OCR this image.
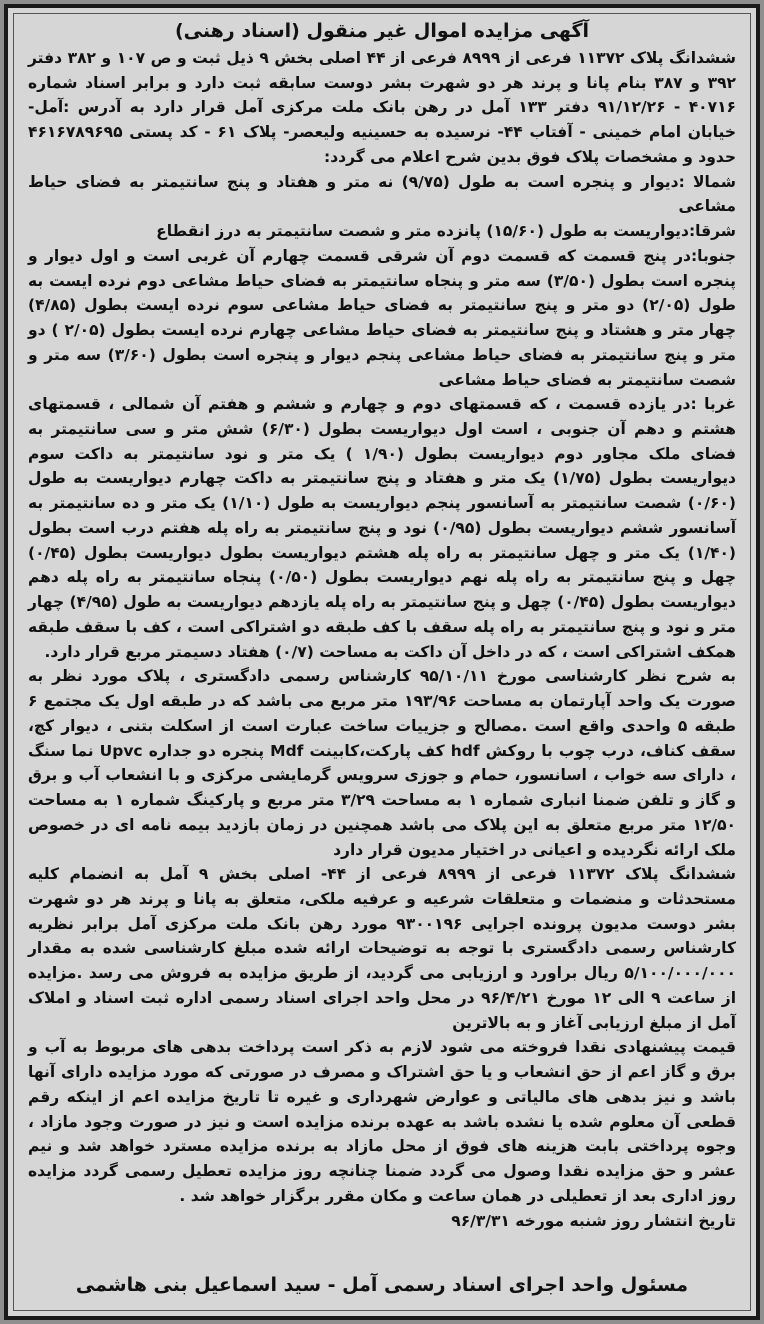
آگهی مزایده اموال غیر منقول (اسناد رهنی)

ششدانگ پلاک ۱۱۳۷۲ فرعی از ۸۹۹۹ فرعی از ۴۴ اصلی بخش ۹ ذیل ثبت و ص ۱۰۷ و ۳۸۲ دفتر ۳۹۲ و ۳۸۷ بنام پانا و پرند هر دو شهرت بشر دوست سابقه ثبت دارد و برابر اسناد شماره ۴۰۷۱۶ - ۹۱/۱۲/۲۶ دفتر ۱۳۳ آمل در رهن بانک ملت مرکزی آمل قرار دارد به آدرس :آمل- خیابان امام خمینی - آفتاب ۴۴- نرسیده به حسینیه ولیعصر- پلاک ۶۱ - کد پستی ۴۶۱۶۷۸۹۶۹۵ حدود و مشخصات پلاک فوق بدین شرح اعلام می گردد:

شمالا :دیوار و پنجره است به طول (۹/۷۵) نه متر و هفتاد و پنج سانتیمتر به فضای حیاط مشاعی

شرقا:دیواریست به طول (۱۵/۶۰) پانزده متر و شصت سانتیمتر به درز انقطاع

جنوبا:در پنج قسمت که قسمت دوم آن شرقی قسمت چهارم آن غربی است و اول دیوار و پنجره است بطول (۳/۵۰) سه متر و پنجاه سانتیمتر به فضای حیاط مشاعی دوم نرده ایست به طول (۲/۰۵) دو متر و پنج سانتیمتر به فضای حیاط مشاعی سوم نرده ایست بطول (۴/۸۵) چهار متر و هشتاد و پنج سانتیمتر به فضای حیاط مشاعی چهارم نرده ایست بطول (۲/۰۵ ) دو متر و پنج سانتیمتر به فضای حیاط مشاعی پنجم دیوار و پنجره است بطول (۳/۶۰) سه متر و شصت سانتیمتر به فضای حیاط مشاعی

غربا :در یازده قسمت ، که قسمتهای دوم و چهارم و ششم و هفتم آن شمالی ، قسمتهای هشتم و دهم آن جنوبی ، است اول دیواریست بطول (۶/۳۰) شش متر و سی سانتیمتر به فضای ملک مجاور دوم دیواریست بطول (۱/۹۰ ) یک متر و نود سانتیمتر به داکت سوم دیواریست بطول (۱/۷۵) یک متر و هفتاد و پنج سانتیمتر به داکت چهارم دیواریست به طول (۰/۶۰) شصت سانتیمتر به آسانسور پنجم دیواریست به طول (۱/۱۰) یک متر و ده سانتیمتر به آسانسور ششم دیواریست بطول (۰/۹۵) نود و پنج سانتیمتر به راه پله هفتم درب است بطول (۱/۴۰) یک متر و چهل سانتیمتر به راه پله هشتم دیواریست بطول دیواریست بطول (۰/۴۵) چهل و پنج سانتیمتر به راه پله نهم دیواریست بطول (۰/۵۰) پنجاه سانتیمتر به راه پله دهم دیواریست بطول (۰/۴۵) چهل و پنج سانتیمتر به راه پله یازدهم دیواریست به طول (۴/۹۵) چهار متر و نود و پنج سانتیمتر به راه پله سقف با کف طبقه دو اشتراکی است ، کف با سقف طبقه همکف اشتراکی است ، که در داخل آن داکت به مساحت (۰/۷) هفتاد دسیمتر مربع قرار دارد.

به شرح نظر کارشناسی مورخ ۹۵/۱۰/۱۱ کارشناس رسمی دادگستری ، پلاک مورد نظر به صورت یک واحد آپارتمان به مساحت ۱۹۳/۹۶ متر مربع می باشد که در طبقه اول یک مجتمع ۶ طبقه ۵ واحدی واقع است .مصالح و جزییات ساخت عبارت است از اسکلت بتنی ، دیوار کچ، سقف کناف، درب چوب با روکش hdf کف پارکت،کابینت Mdf پنجره دو جداره Upvc نما سنگ ، دارای سه خواب ، اسانسور، حمام و جوزی سرویس گرمایشی مرکزی و با انشعاب آب و برق و گاز و تلفن ضمنا انباری شماره ۱ به مساحت ۳/۲۹ متر مربع و پارکینگ شماره ۱ به مساحت ۱۲/۵۰ متر مربع متعلق به این پلاک می باشد همچنین در زمان بازدید بیمه نامه ای در خصوص ملک ارائه نگردیده و اعیانی در اختیار مدیون قرار دارد

ششدانگ پلاک ۱۱۳۷۲ فرعی از ۸۹۹۹ فرعی از ۴۴- اصلی بخش ۹ آمل به انضمام کلیه مستحدثات و منضمات و متعلقات شرعیه و عرفیه ملکی، متعلق به پانا و پرند هر دو شهرت بشر دوست مدیون پرونده اجرایی ۹۳۰۰۱۹۶ مورد رهن بانک ملت مرکزی آمل برابر نظریه کارشناس رسمی دادگستری با توجه به توضیحات ارائه شده مبلغ کارشناسی شده به مقدار ۵/۱۰۰/۰۰۰/۰۰۰ ریال براورد و ارزیابی می گردید، از طریق مزایده به فروش می رسد .مزایده از ساعت ۹ الی ۱۲ مورخ ۹۶/۴/۲۱ در محل واحد اجرای اسناد رسمی اداره ثبت اسناد و املاک آمل از مبلغ ارزیابی آغاز و به بالاترین

قیمت پیشنهادی نقدا فروخته می شود لازم به ذکر است پرداخت بدهی های مربوط به آب و برق و گاز اعم از حق انشعاب و یا حق اشتراک و مصرف در صورتی که مورد مزایده دارای آنها باشد و نیز بدهی های مالیاتی و عوارض شهرداری و غیره تا تاریخ مزایده اعم از اینکه رقم قطعی آن معلوم شده یا نشده باشد به عهده برنده مزایده است و نیز در صورت وجود مازاد ، وجوه پرداختی بابت هزینه های فوق از محل مازاد به برنده مزایده مسترد خواهد شد و نیم عشر و حق مزایده نقدا وصول می گردد ضمنا چنانچه روز مزایده تعطیل رسمی گردد مزایده روز اداری بعد از تعطیلی در همان ساعت و مکان مقرر برگزار خواهد شد .

تاریخ انتشار روز شنبه مورخه ۹۶/۳/۳۱

مسئول واحد اجرای اسناد رسمی آمل - سید اسماعیل بنی هاشمی
